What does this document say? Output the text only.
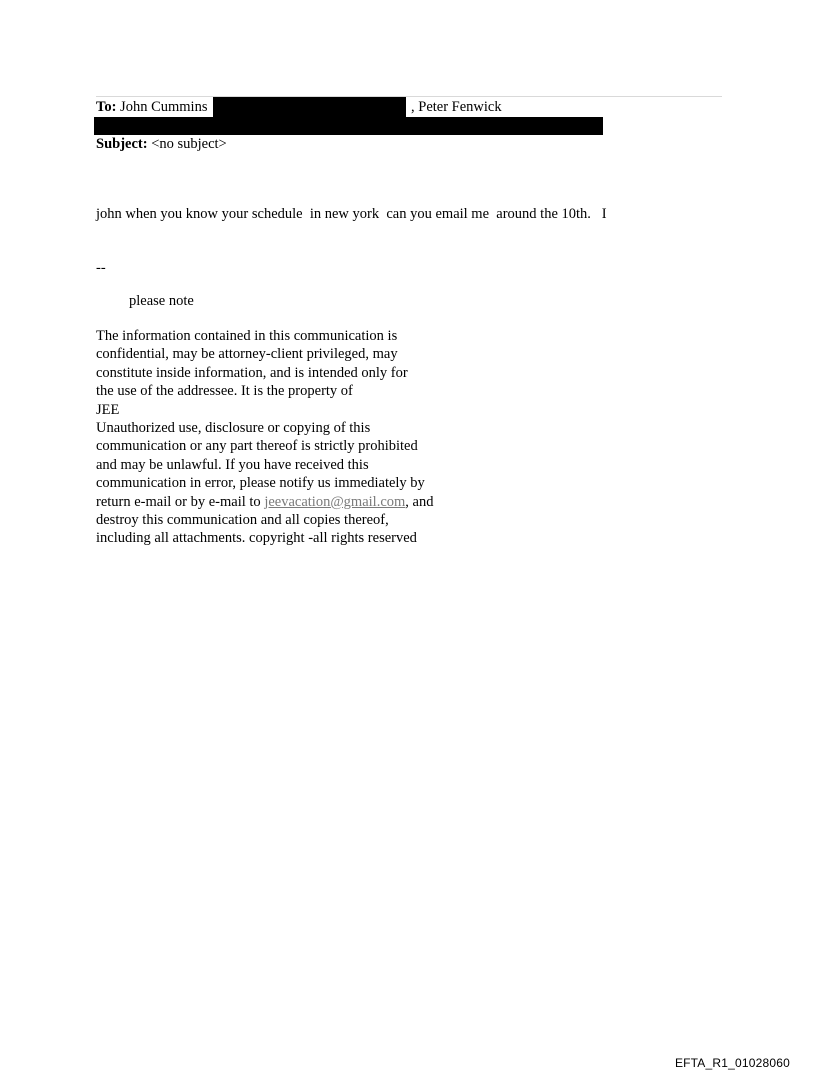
To: John Cummins	, Peter Fenwick
Subject: <no subject>
john when you know your schedule  in new york  can you email me  around the 10th.   I
--
please note
The information contained in this communication is
confidential, may be attorney-client privileged, may
constitute inside information, and is intended only for
the use of the addressee. It is the property of
JEE
Unauthorized use, disclosure or copying of this
communication or any part thereof is strictly prohibited
and may be unlawful. If you have received this
communication in error, please notify us immediately by
return e-mail or by e-mail to jeevacation@gmail.com, and
destroy this communication and all copies thereof,
including all attachments. copyright -all rights reserved
EFTA_R1_01028060
